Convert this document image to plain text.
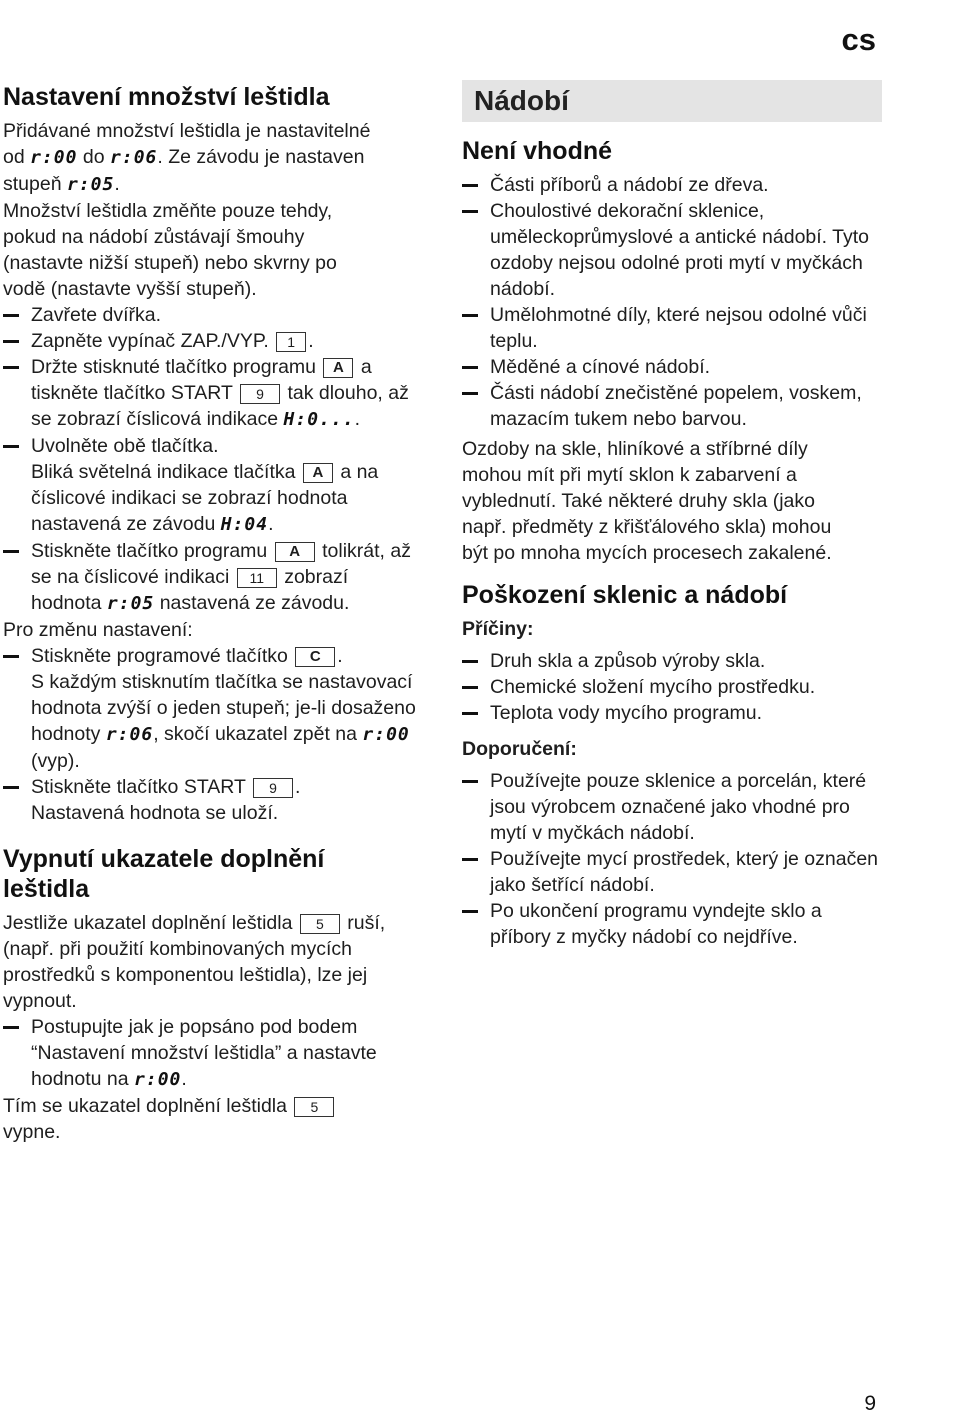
cs
Nastavení množství leštidla

Přidávané množství leštidla je nastavitelné
od r:00 do r:06. Ze závodu je nastaven
stupeň r:05.

Množství leštidla změňte pouze tehdy, pokud na nádobí zůstávají šmouhy (nastavte nižší stupeň) nebo skvrny po vodě (nastavte vyšší stupeň).

Zavřete dvířka.
Zapněte vypínač ZAP./VYP. 1 .
Držte stisknuté tlačítko programu A a tiskněte tlačítko START 9 tak dlouho, až se zobrazí číslicová indikace H:0....
Uvolněte obě tlačítka.
Bliká světelná indikace tlačítka A a na číslicové indikaci se zobrazí hodnota nastavená ze závodu H:04.
Stiskněte tlačítko programu A tolikrát, až se na číslicové indikaci 11 zobrazí hodnota r:05 nastavená ze závodu.

Pro změnu nastavení:

Stiskněte programové tlačítko C .
S každým stisknutím tlačítka se nastavovací hodnota zvýší o jeden stupeň; je-li dosaženo hodnoty r:06, skočí ukazatel zpět na r:00 (vyp).
Stiskněte tlačítko START 9 .
Nastavená hodnota se uloží.
Vypnutí ukazatele doplnění leštidla

Jestliže ukazatel doplnění leštidla 5 ruší, (např. při použití kombinovaných mycích prostředků s komponentou leštidla), lze jej vypnout.

Postupujte jak je popsáno pod bodem “Nastavení množství leštidla” a nastavte hodnotu na r:00.

Tím se ukazatel doplnění leštidla 5
vypne.

Nádobí
Není vhodné
Části příborů a nádobí ze dřeva.
Choulostivé dekorační sklenice, uměleckoprůmyslové a antické nádobí. Tyto ozdoby nejsou odolné proti mytí v myčkách nádobí.
Umělohmotné díly, které nejsou odolné vůči teplu.
Měděné a cínové nádobí.
Části nádobí znečistěné popelem, voskem, mazacím tukem nebo barvou.

Ozdoby na skle, hliníkové a stříbrné díly mohou mít při mytí sklon k zabarvení a vyblednutí. Také některé druhy skla (jako např. předměty z křišťálového skla) mohou být po mnoha mycích procesech zakalené.

Poškození sklenic a nádobí
Příčiny:
Druh skla a způsob výroby skla.
Chemické složení mycího prostředku.
Teplota vody mycího programu.
Doporučení:
Používejte pouze sklenice a porcelán, které jsou výrobcem označené jako vhodné pro mytí v myčkách nádobí.
Používejte mycí prostředek, který je označen jako šetřící nádobí.
Po ukončení programu vyndejte sklo a příbory z myčky nádobí co nejdříve.
9
